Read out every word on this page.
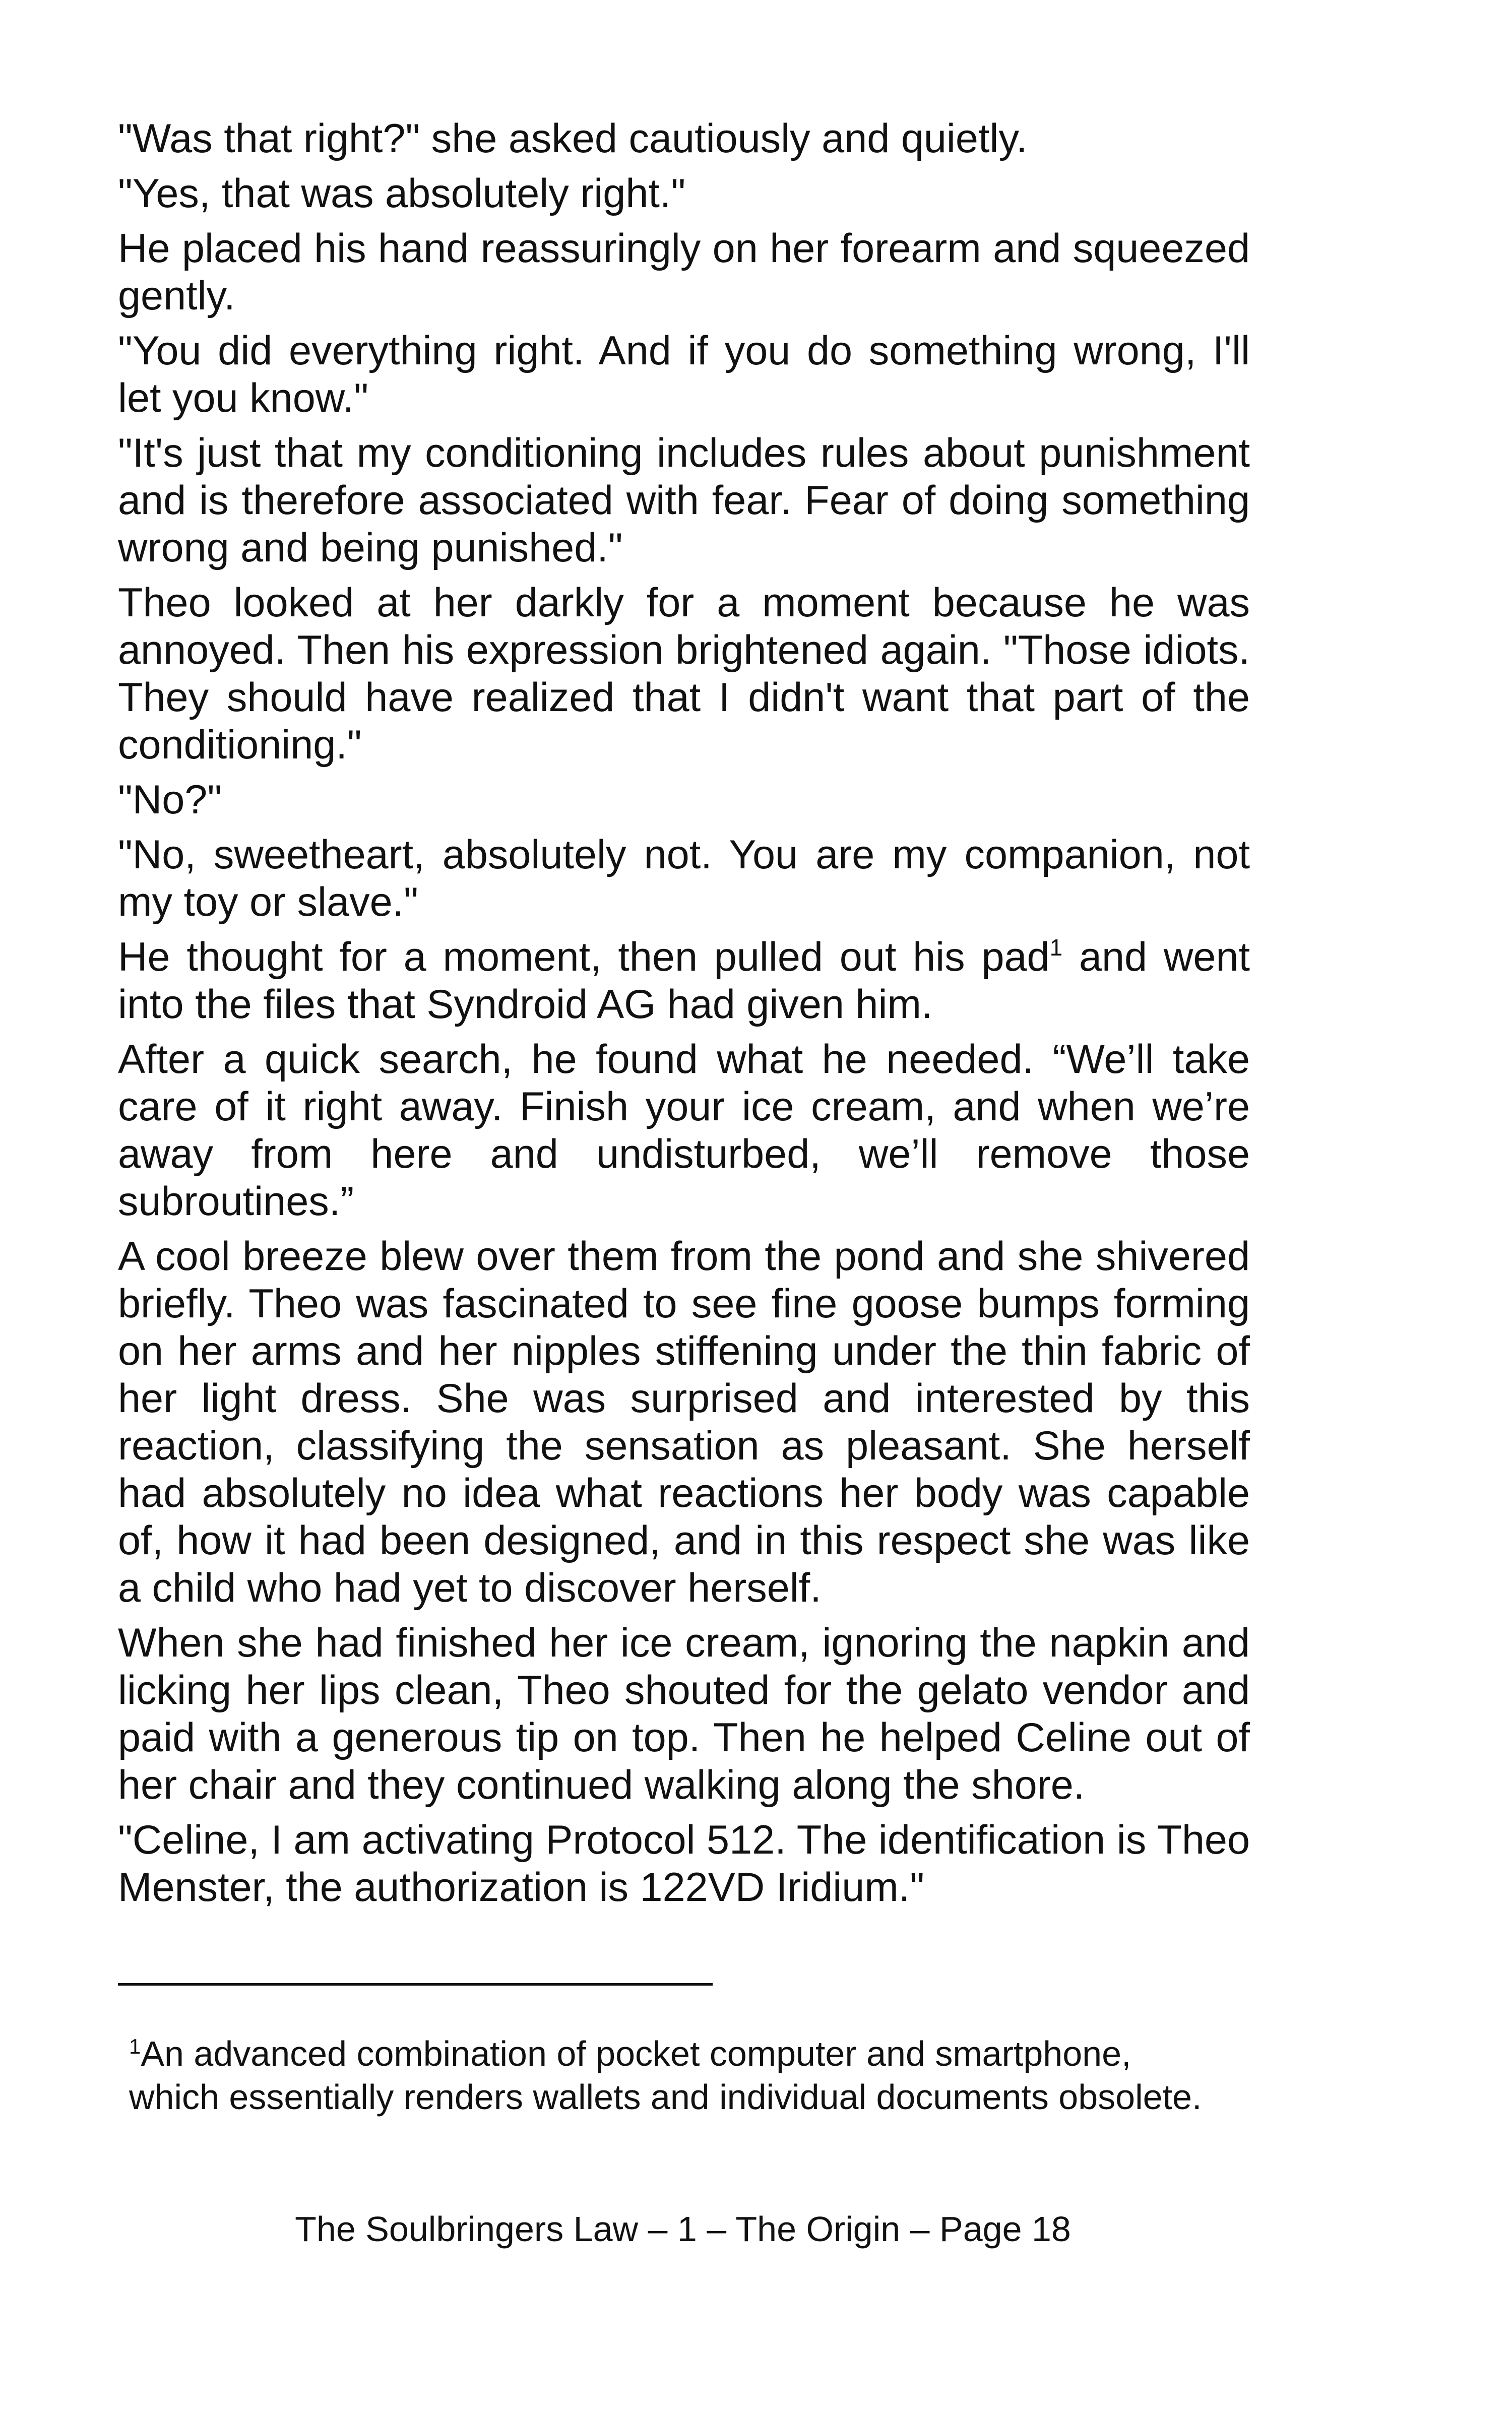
"Was that right?" she asked cautiously and quietly.

"Yes, that was absolutely right."

He placed his hand reassuringly on her forearm and squeezed gently.

"You did everything right. And if you do something wrong, I'll let you know."

"It's just that my conditioning includes rules about punishment and is therefore associated with fear. Fear of doing something wrong and being punished."

Theo looked at her darkly for a moment because he was annoyed. Then his expression brightened again. "Those idiots. They should have realized that I didn't want that part of the conditioning."

"No?"

"No, sweetheart, absolutely not. You are my companion, not my toy or slave."

He thought for a moment, then pulled out his pad$^1$ and went into the files that Syndroid AG had given him.

After a quick search, he found what he needed. “We’ll take care of it right away. Finish your ice cream, and when we’re away from here and undisturbed, we’ll remove those subroutines.”

A cool breeze blew over them from the pond and she shivered briefly. Theo was fascinated to see fine goose bumps forming on her arms and her nipples stiffening under the thin fabric of her light dress. She was surprised and interested by this reaction, classifying the sensation as pleasant. She herself had absolutely no idea what reactions her body was capable of, how it had been designed, and in this respect she was like a child who had yet to discover herself.

When she had finished her ice cream, ignoring the napkin and licking her lips clean, Theo shouted for the gelato vendor and paid with a generous tip on top. Then he helped Celine out of her chair and they continued walking along the shore.

"Celine, I am activating Protocol 512. The identification is Theo Menster, the authorization is 122VD Iridium."

$^1$An advanced combination of pocket computer and smartphone, which essentially renders wallets and individual documents obsolete.

The Soulbringers Law – 1 – The Origin – Page 18
